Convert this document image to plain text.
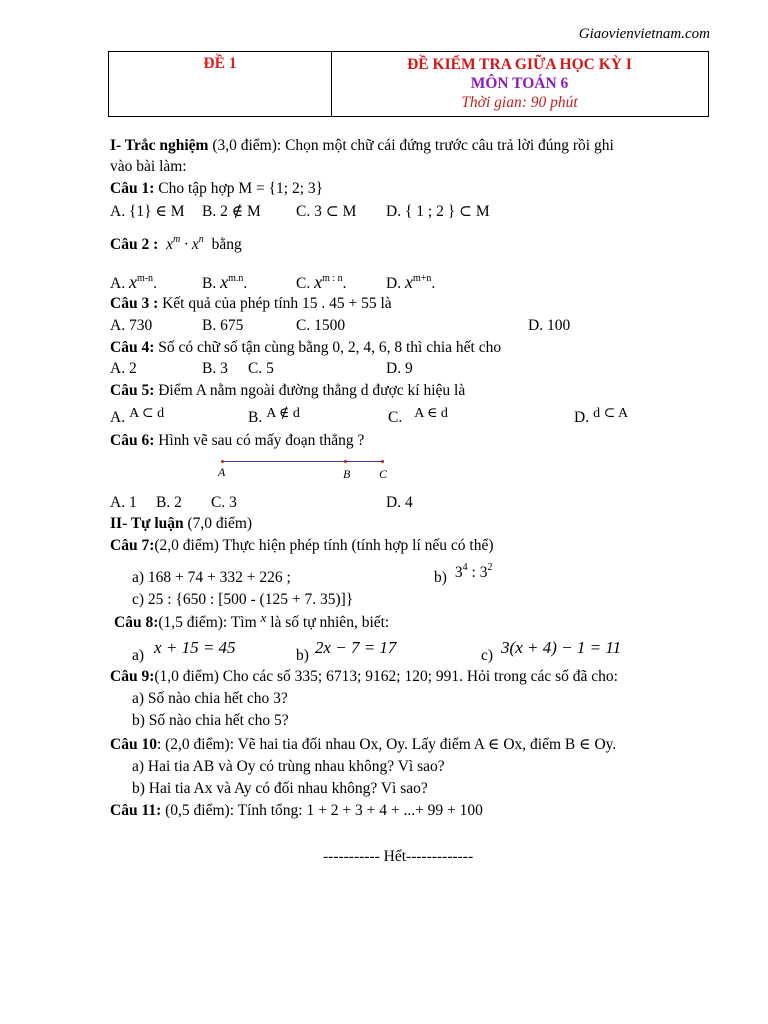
Giaovienvietnam.com
ĐỀ 1	ĐỀ KIỂM TRA GIỮA HỌC KỲ I
MÔN TOÁN 6
Thời gian: 90 phút
I- Trắc nghiệm (3,0 điểm): Chọn một chữ cái đứng trước câu trả lời đúng rồi ghi
vào bài làm:
Câu 1: Cho tập hợp M = {1; 2; 3}
A. {1} ∈ M B. 2 ∉ M C. 3 ⊂ M D. { 1 ; 2 } ⊂ M
Câu 2 : $x^m \cdot x^n$ bằng
A. $x^{m-n}$.	B. $x^{m.n}$.	C. $x^{m : n}$.	D. $x^{m+n}$.
Câu 3 : Kết quả của phép tính 15 . 45 + 55 là
A. 730	B. 675	C. 1500	D. 100
Câu 4: Số có chữ số tận cùng bằng 0, 2, 4, 6, 8 thì chia hết cho
A. 2	B. 3 C. 5	D. 9
Câu 5: Điểm A nằm ngoài đường thẳng d được kí hiệu là
A. A ⊂ d	B. A ∉ d	C. A ∈ d	D. d ⊂ A
Câu 6: Hình vẽ sau có mấy đoạn thẳng ?
A	B C
A. 1 B. 2 C. 3	D. 4
II- Tự luận (7,0 điểm)
Câu 7:(2,0 điểm) Thực hiện phép tính (tính hợp lí nếu có thể)
a) 168 + 74 + 332 + 226 ;	b) $3^4$ : $3^2$
c) 25 : {650 : [500 - (125 + 7. 35)]}
Câu 8:(1,5 điểm): Tìm $^x$ là số tự nhiên, biết:
a) x + 15 = 45	b) 2x − 7 = 17	c) 3(x + 4) − 1 = 11
Câu 9:(1,0 điểm) Cho các số 335; 6713; 9162; 120; 991. Hỏi trong các số đã cho:
a) Số nào chia hết cho 3?
b) Số nào chia hết cho 5?
Câu 10: (2,0 điểm): Vẽ hai tia đối nhau Ox, Oy. Lấy điểm A ∈ Ox, điểm B ∈ Oy.
a) Hai tia AB và Oy có trùng nhau không? Vì sao?
b) Hai tia Ax và Ay có đối nhau không? Vì sao?
Câu 11: (0,5 điểm): Tính tổng: 1 + 2 + 3 + 4 + ...+ 99 + 100
----------- Hết-------------
